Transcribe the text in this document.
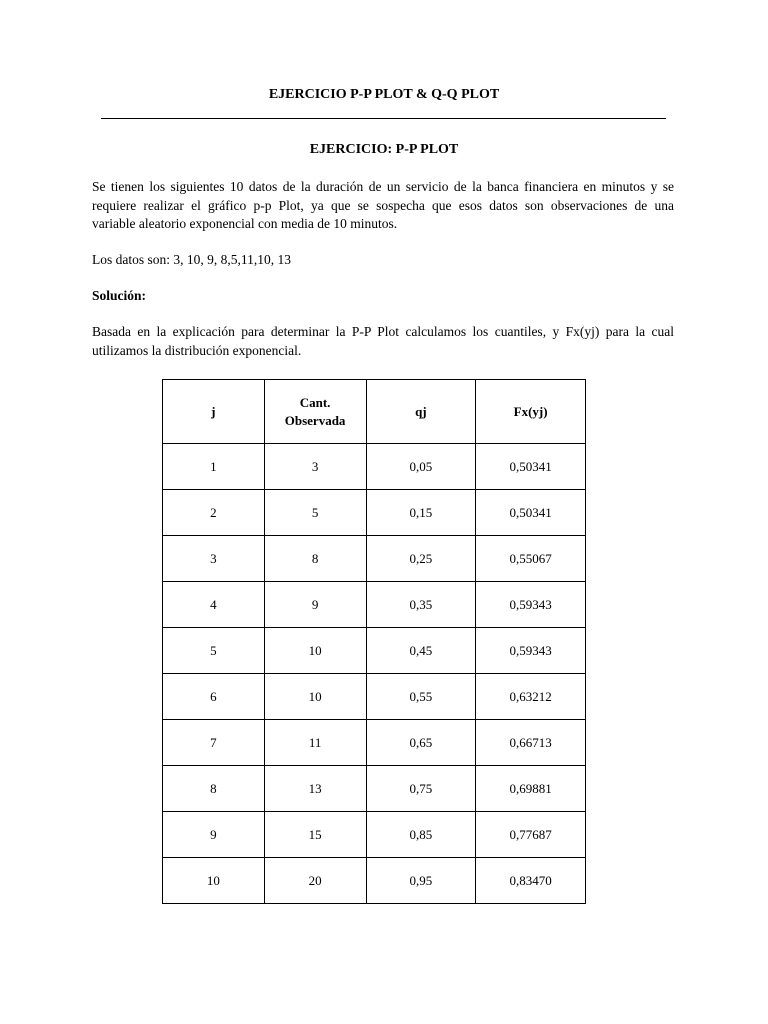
EJERCICIO P-P PLOT & Q-Q PLOT
EJERCICIO: P-P PLOT
Se tienen los siguientes 10 datos de la duración de un servicio de la banca financiera en minutos y se
requiere realizar el gráfico p-p Plot, ya que se sospecha que esos datos son observaciones de una
variable aleatorio exponencial con media de 10 minutos.
Los datos son: 3, 10, 9, 8,5,11,10, 13
Solución:
Basada en la explicación para determinar la P-P Plot calculamos los cuantiles, y Fx(yj) para la cual
utilizamos la distribución exponencial.
j	Cant.
Observada	qj	Fx(yj)
1	3	0,05	0,50341
2	5	0,15	0,50341
3	8	0,25	0,55067
4	9	0,35	0,59343
5	10	0,45	0,59343
6	10	0,55	0,63212
7	11	0,65	0,66713
8	13	0,75	0,69881
9	15	0,85	0,77687
10	20	0,95	0,83470
